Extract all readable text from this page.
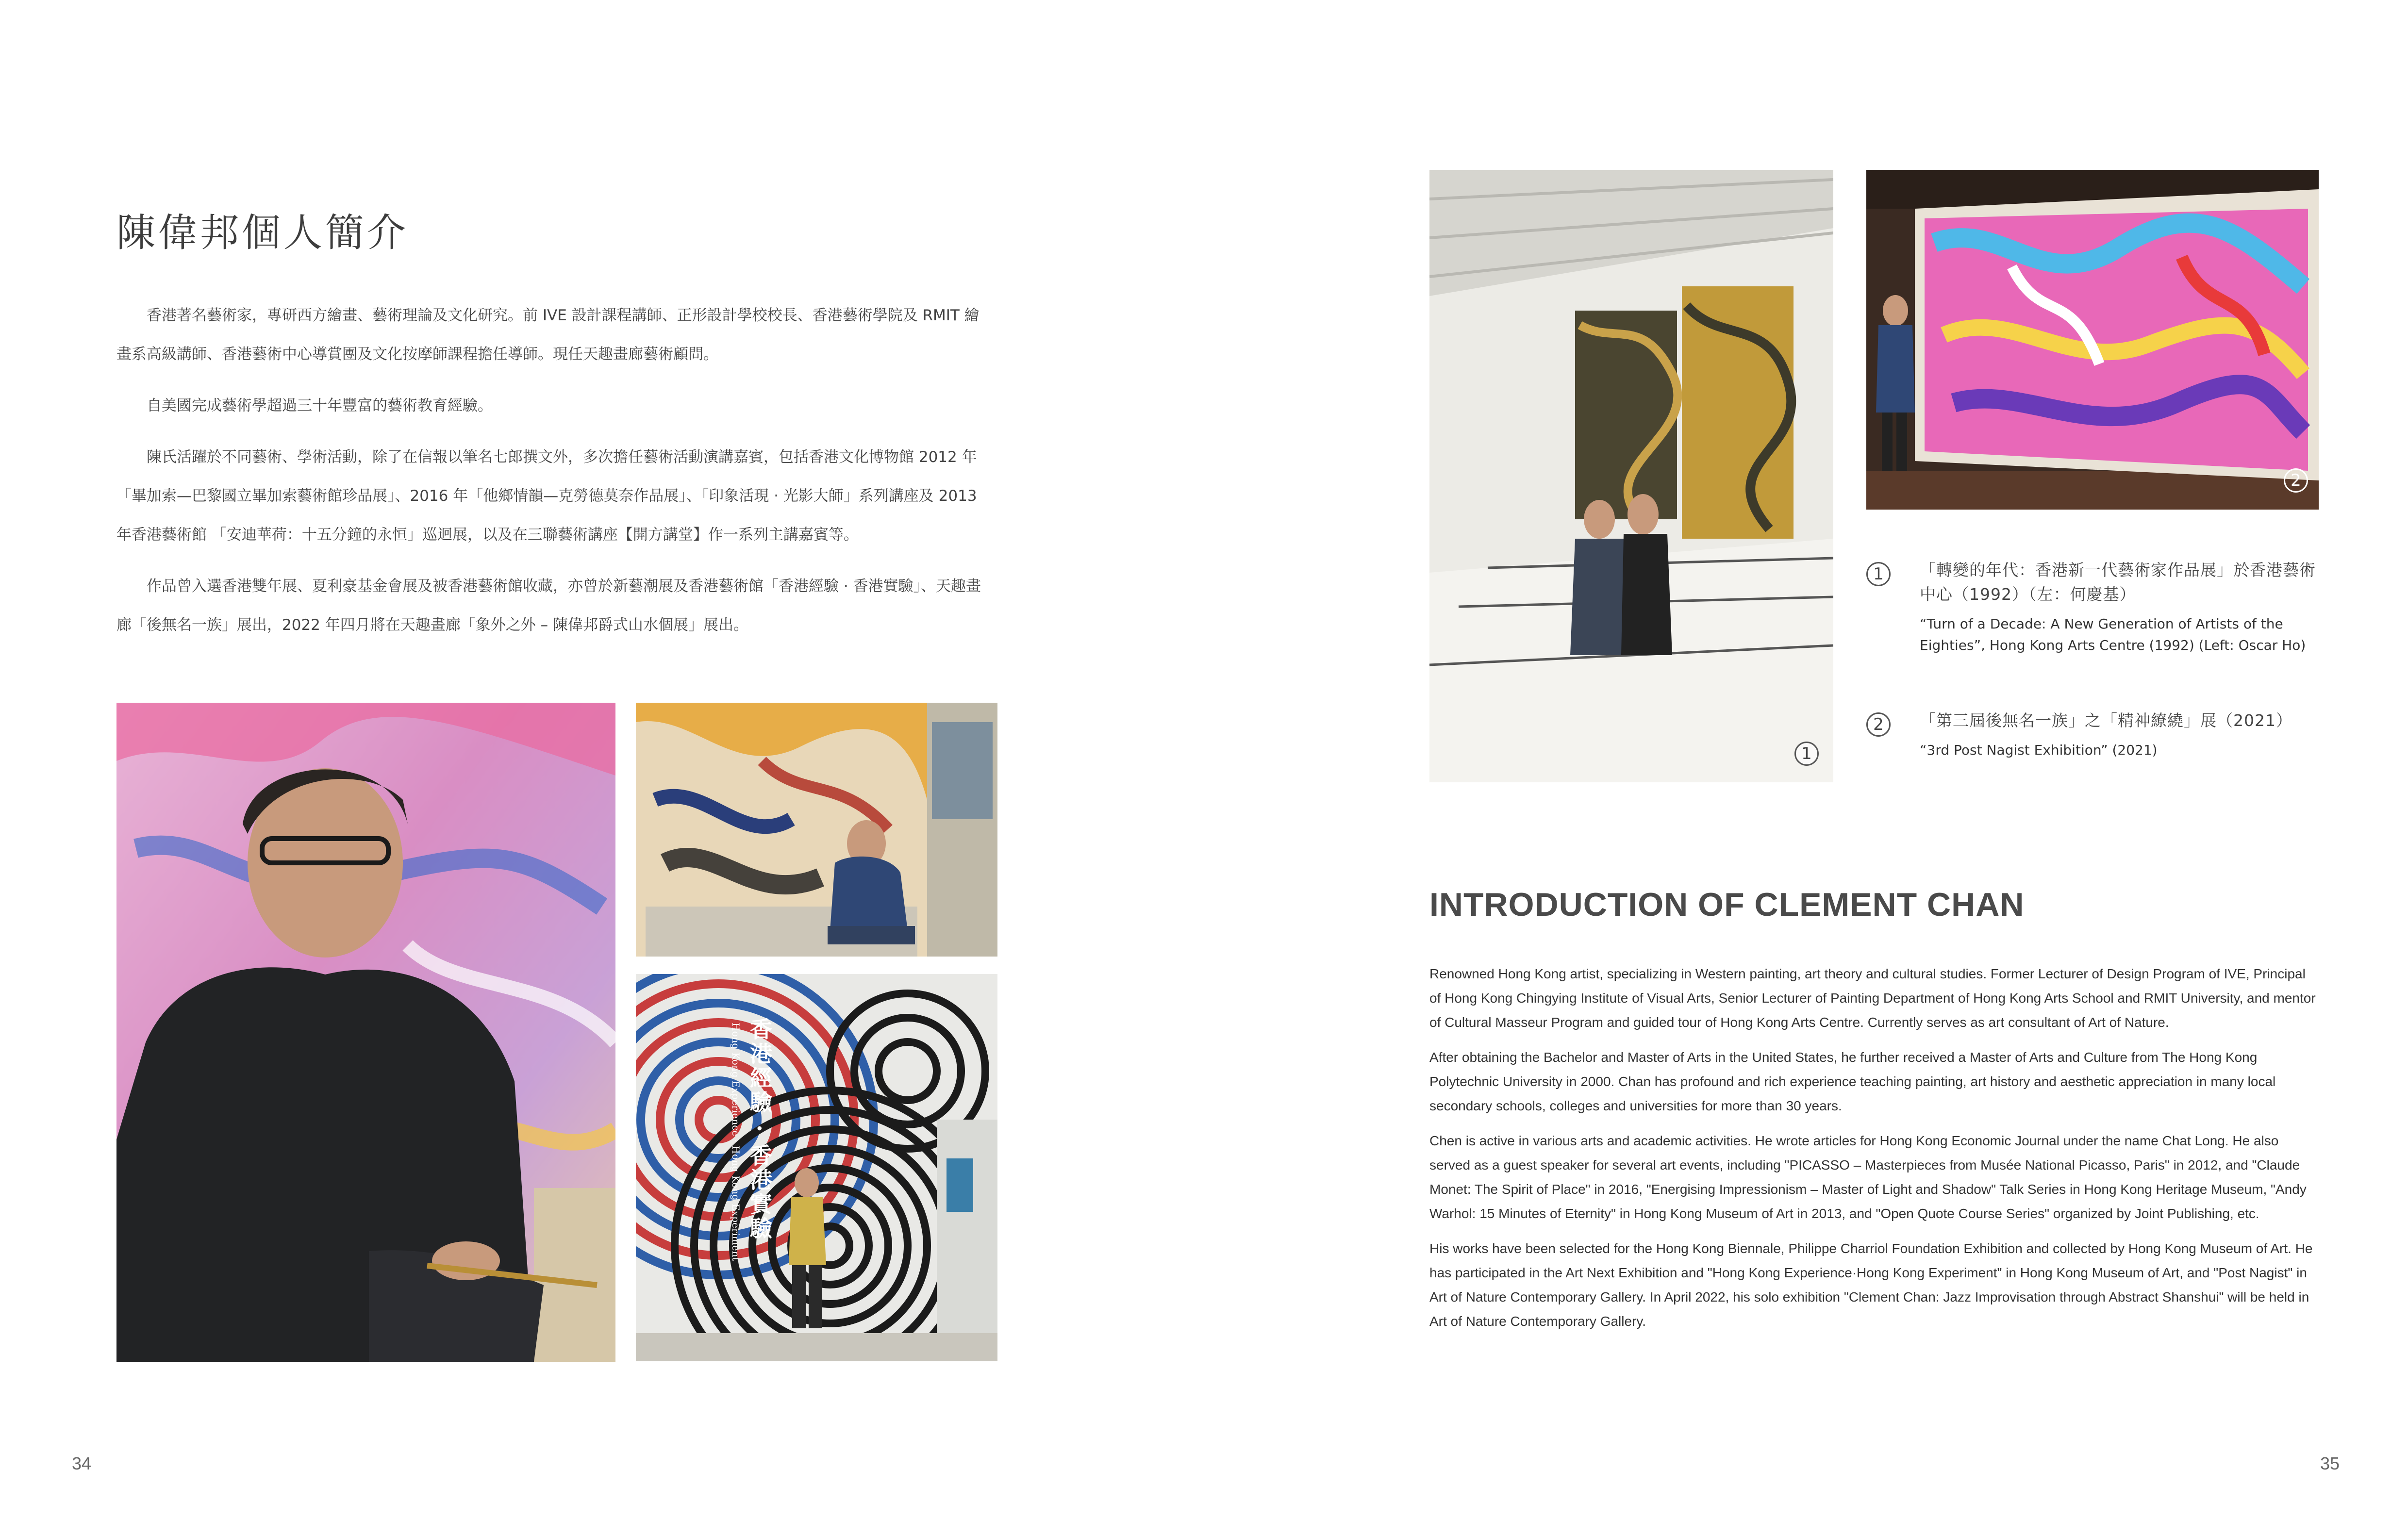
陳偉邦個人簡介

香港著名藝術家，專研西方繪畫、藝術理論及文化研究。前 IVE 設計課程講師、正形設計學校校長、香港藝術學院及 RMIT 繪畫系高級講師、香港藝術中心導賞團及文化按摩師課程擔任導師。現任天趣畫廊藝術顧問。

自美國完成藝術學超過三十年豐富的藝術教育經驗。

陳氏活躍於不同藝術、學術活動，除了在信報以筆名七郎撰文外，多次擔任藝術活動演講嘉賓，包括香港文化博物館 2012 年「畢加索—巴黎國立畢加索藝術館珍品展」、2016 年「他鄉情韻—克勞德莫奈作品展」、「印象活現 · 光影大師」系列講座及 2013 年香港藝術館 「安迪華荷：十五分鐘的永恒」巡迴展，以及在三聯藝術講座【開方講堂】作一系列主講嘉賓等。

作品曾入選香港雙年展、夏利豪基金會展及被香港藝術館收藏，亦曾於新藝潮展及香港藝術館「香港經驗 · 香港實驗」、天趣畫廊「後無名一族」展出，2022 年四月將在天趣畫廊「象外之外 – 陳偉邦爵式山水個展」展出。

香港經驗 · 香港實驗
Hong Kong Experience · Hong Kong Experiment
34
1
2
1	「轉變的年代：香港新一代藝術家作品展」於香港藝術中心（1992）（左：何慶基）
“Turn of a Decade: A New Generation of Artists of the Eighties”, Hong Kong Arts Centre (1992) (Left: Oscar Ho)
2	「第三屆後無名一族」之「精神繚繞」展（2021）
“3rd Post Nagist Exhibition” (2021)
INTRODUCTION OF CLEMENT CHAN

Renowned Hong Kong artist, specializing in Western painting, art theory and cultural studies. Former Lecturer of Design Program of IVE, Principal of Hong Kong Chingying Institute of Visual Arts, Senior Lecturer of Painting Department of Hong Kong Arts School and RMIT University, and mentor of Cultural Masseur Program and guided tour of Hong Kong Arts Centre. Currently serves as art consultant of Art of Nature.

After obtaining the Bachelor and Master of Arts in the United States, he further received a Master of Arts and Culture from The Hong Kong Polytechnic University in 2000. Chan has profound and rich experience teaching painting, art history and aesthetic appreciation in many local secondary schools, colleges and universities for more than 30 years.

Chen is active in various arts and academic activities. He wrote articles for Hong Kong Economic Journal under the name Chat Long. He also served as a guest speaker for several art events, including "PICASSO – Masterpieces from Musée National Picasso, Paris" in 2012, and "Claude Monet: The Spirit of Place" in 2016, "Energising Impressionism – Master of Light and Shadow" Talk Series in Hong Kong Heritage Museum, "Andy Warhol: 15 Minutes of Eternity" in Hong Kong Museum of Art in 2013, and "Open Quote Course Series" organized by Joint Publishing, etc.

His works have been selected for the Hong Kong Biennale, Philippe Charriol Foundation Exhibition and collected by Hong Kong Museum of Art. He has participated in the Art Next Exhibition and "Hong Kong Experience·Hong Kong Experiment" in Hong Kong Museum of Art, and "Post Nagist" in Art of Nature Contemporary Gallery. In April 2022, his solo exhibition "Clement Chan: Jazz Improvisation through Abstract Shanshui" will be held in Art of Nature Contemporary Gallery.

35
